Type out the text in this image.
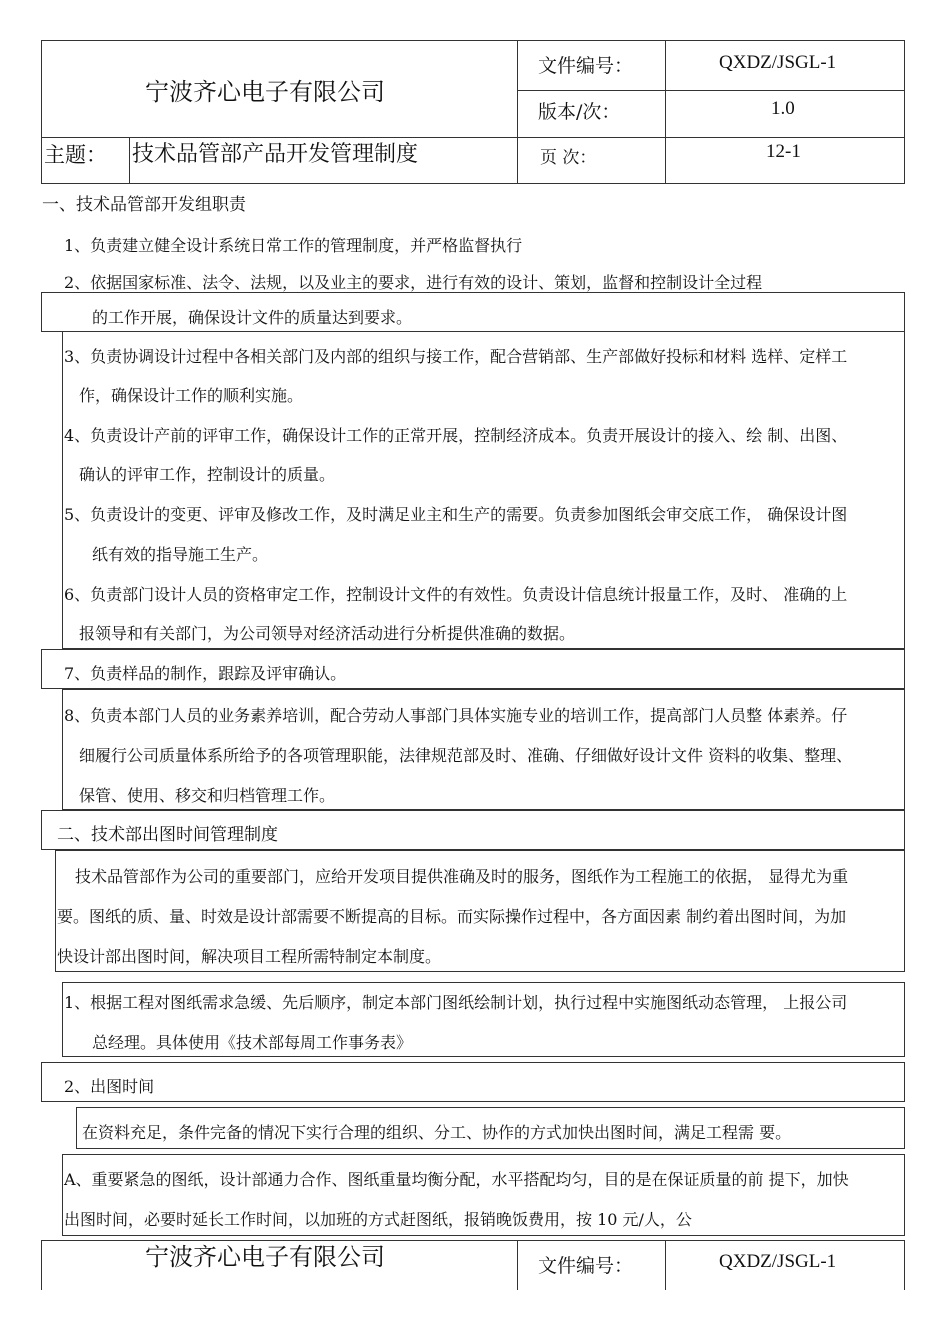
宁波齐心电子有限公司
文件编号：	QXDZ/JSGL-1
版本/次：	1.0
主题： 技术品管部产品开发管理制度	页 次：	12-1
一、技术品管部开发组职责
1、负责建立健全设计系统日常工作的管理制度，并严格监督执行
2、依据国家标准、法令、法规，以及业主的要求，进行有效的设计、策划，监督和控制设计全过程
的工作开展，确保设计文件的质量达到要求。
3、负责协调设计过程中各相关部门及内部的组织与接工作，配合营销部、生产部做好投标和材料 选样、定样工
作，确保设计工作的顺利实施。
4、负责设计产前的评审工作，确保设计工作的正常开展，控制经济成本。负责开展设计的接入、绘 制、出图、
确认的评审工作，控制设计的质量。
5、负责设计的变更、评审及修改工作，及时满足业主和生产的需要。负责参加图纸会审交底工作， 确保设计图
纸有效的指导施工生产。
6、负责部门设计人员的资格审定工作，控制设计文件的有效性。负责设计信息统计报量工作，及时、 准确的上
报领导和有关部门，为公司领导对经济活动进行分析提供准确的数据。
7、负责样品的制作，跟踪及评审确认。
8、负责本部门人员的业务素养培训，配合劳动人事部门具体实施专业的培训工作，提高部门人员整 体素养。仔
细履行公司质量体系所给予的各项管理职能，法律规范部及时、准确、仔细做好设计文件 资料的收集、整理、
保管、使用、移交和归档管理工作。
二、技术部出图时间管理制度
技术品管部作为公司的重要部门，应给开发项目提供准确及时的服务，图纸作为工程施工的依据， 显得尤为重
要。图纸的质、量、时效是设计部需要不断提高的目标。而实际操作过程中，各方面因素 制约着出图时间，为加
快设计部出图时间，解决项目工程所需特制定本制度。
1、根据工程对图纸需求急缓、先后顺序，制定本部门图纸绘制计划，执行过程中实施图纸动态管理， 上报公司
总经理。具体使用《技术部每周工作事务表》
2、出图时间
在资料充足，条件完备的情况下实行合理的组织、分工、协作的方式加快出图时间，满足工程需 要。
A、重要紧急的图纸，设计部通力合作、图纸重量均衡分配，水平搭配均匀，目的是在保证质量的前 提下，加快
出图时间，必要时延长工作时间，以加班的方式赶图纸，报销晚饭费用，按 10 元/人，公
宁波齐心电子有限公司	文件编号：	QXDZ/JSGL-1
